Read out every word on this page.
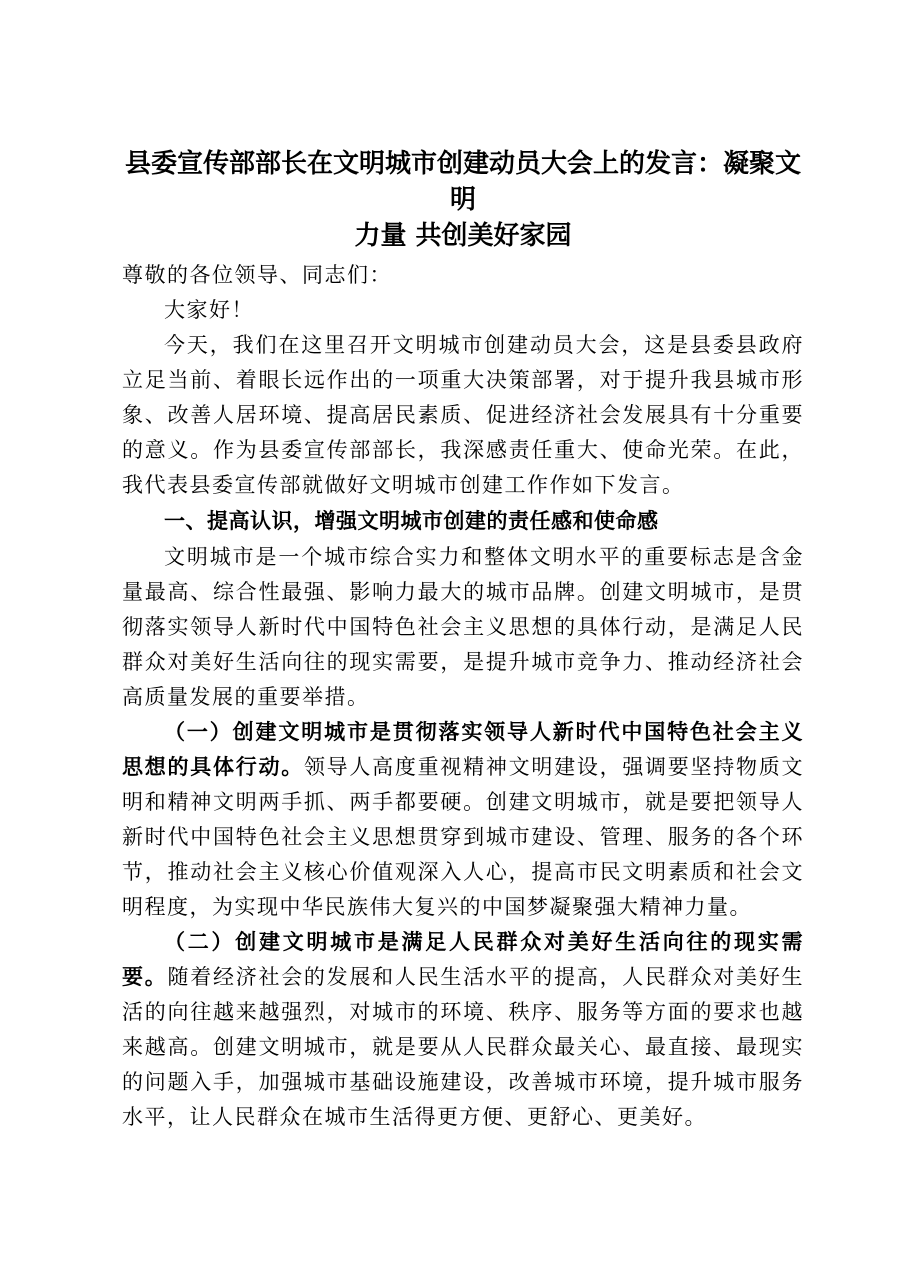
县委宣传部部长在文明城市创建动员大会上的发言：凝聚文明
力量 共创美好家园

尊敬的各位领导、同志们：

大家好！

今天，我们在这里召开文明城市创建动员大会，这是县委县政府立足当前、着眼长远作出的一项重大决策部署，对于提升我县城市形象、改善人居环境、提高居民素质、促进经济社会发展具有十分重要的意义。作为县委宣传部部长，我深感责任重大、使命光荣。在此，我代表县委宣传部就做好文明城市创建工作作如下发言。

一、提高认识，增强文明城市创建的责任感和使命感

文明城市是一个城市综合实力和整体文明水平的重要标志是含金量最高、综合性最强、影响力最大的城市品牌。创建文明城市，是贯彻落实领导人新时代中国特色社会主义思想的具体行动，是满足人民群众对美好生活向往的现实需要，是提升城市竞争力、推动经济社会高质量发展的重要举措。

（一）创建文明城市是贯彻落实领导人新时代中国特色社会主义思想的具体行动。领导人高度重视精神文明建设，强调要坚持物质文明和精神文明两手抓、两手都要硬。创建文明城市，就是要把领导人新时代中国特色社会主义思想贯穿到城市建设、管理、服务的各个环节，推动社会主义核心价值观深入人心，提高市民文明素质和社会文明程度，为实现中华民族伟大复兴的中国梦凝聚强大精神力量。

（二）创建文明城市是满足人民群众对美好生活向往的现实需要。随着经济社会的发展和人民生活水平的提高，人民群众对美好生活的向往越来越强烈，对城市的环境、秩序、服务等方面的要求也越来越高。创建文明城市，就是要从人民群众最关心、最直接、最现实的问题入手，加强城市基础设施建设，改善城市环境，提升城市服务水平，让人民群众在城市生活得更方便、更舒心、更美好。
